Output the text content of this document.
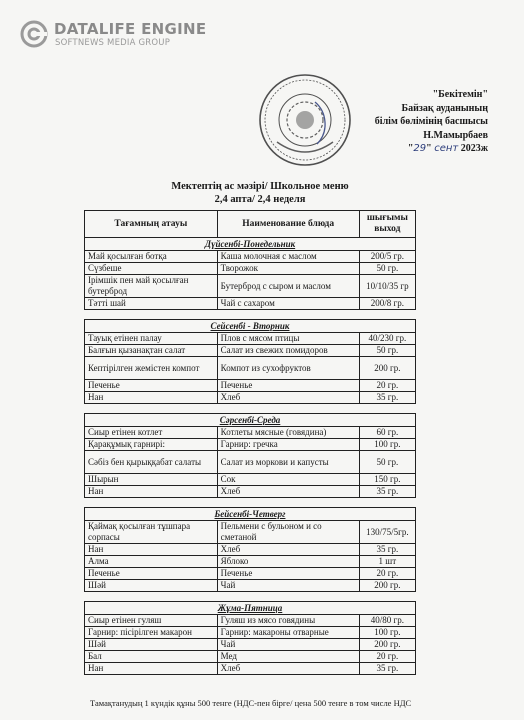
DATALIFE ENGINE
SOFTNEWS MEDIA GROUP
"Бекітемін"
Байзақ ауданының
білім бөлімінің басшысы
Н.Мамырбаев
"29" сент 2023ж
Мектептің ас мәзірі/ Школьное меню
2,4 апта/ 2,4 неделя
Тағамның атауы	Наименование блюда	шығымы выход
Дүйсенбі-Понедельник		
Май қосылған ботқа	Каша молочная с маслом	200/5 гр.
Сүзбеше	Творожок	50 гр.
Ірімшік пен май қосылған бутерброд	Бутерброд с сыром и маслом	10/10/35 гр
Тәтті шай	Чай с сахаром	200/8 гр.

Сейсенбі - Вторник		
Тауық етінен палау	Плов с мясом птицы	40/230 гр.
Балғын қызанақтан салат	Салат из свежих помидоров	50 гр.
Кептірілген жемістен компот	Компот из сухофруктов	200 гр.
Печенье	Печенье	20 гр.
Нан	Хлеб	35 гр.

Сәрсенбі-Среда		
Сиыр етінен котлет	Котлеты мясные (говядина)	60 гр.
Қарақұмық гарнирі:	Гарнир: гречка	100 гр.
Сәбіз бен қырыққабат салаты	Салат из моркови и капусты	50 гр.
Шырын	Сок	150 гр.
Нан	Хлеб	35 гр.

Бейсенбі-Четверг		
Қаймақ қосылған тұшпара сорпасы	Пельмени с бульоном и со сметаной	130/75/5гр.
Нан	Хлеб	35 гр.
Алма	Яблоко	1 шт
Печенье	Печенье	20 гр.
Шәй	Чай	200 гр.

Жұма-Пятница		
Сиыр етінен гуляш	Гуляш из мясо говядины	40/80 гр.
Гарнир: пісірілген макарон	Гарнир: макароны отварные	100 гр.
Шәй	Чай	200 гр.
Бал	Мед	20 гр.
Нан	Хлеб	35 гр.
Тамақтанудың 1 күндік құны 500 тенге (НДС-пен бірге/ цена 500 тенге в том числе НДС
